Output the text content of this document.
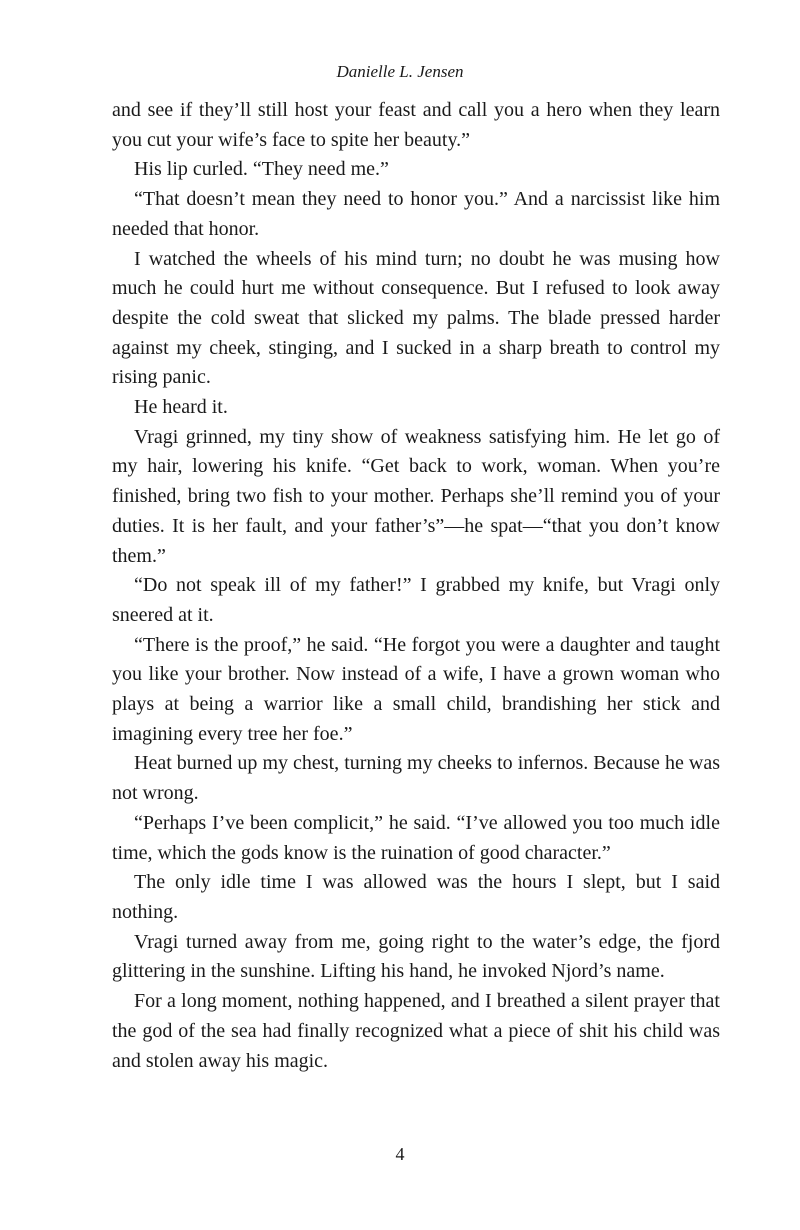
Danielle L. Jensen

and see if they’ll still host your feast and call you a hero when they learn you cut your wife’s face to spite her beauty.”

His lip curled. “They need me.”

“That doesn’t mean they need to honor you.” And a narcissist like him needed that honor.

I watched the wheels of his mind turn; no doubt he was musing how much he could hurt me without consequence. But I refused to look away despite the cold sweat that slicked my palms. The blade pressed harder against my cheek, stinging, and I sucked in a sharp breath to control my rising panic.

He heard it.

Vragi grinned, my tiny show of weakness satisfying him. He let go of my hair, lowering his knife. “Get back to work, woman. When you’re finished, bring two fish to your mother. Perhaps she’ll remind you of your duties. It is her fault, and your father’s”—he spat—“that you don’t know them.”

“Do not speak ill of my father!” I grabbed my knife, but Vragi only sneered at it.

“There is the proof,” he said. “He forgot you were a daughter and taught you like your brother. Now instead of a wife, I have a grown woman who plays at being a warrior like a small child, brandishing her stick and imagining every tree her foe.”

Heat burned up my chest, turning my cheeks to infernos. Because he was not wrong.

“Perhaps I’ve been complicit,” he said. “I’ve allowed you too much idle time, which the gods know is the ruination of good character.”

The only idle time I was allowed was the hours I slept, but I said nothing.

Vragi turned away from me, going right to the water’s edge, the fjord glittering in the sunshine. Lifting his hand, he invoked Njord’s name.

For a long moment, nothing happened, and I breathed a silent prayer that the god of the sea had finally recognized what a piece of shit his child was and stolen away his magic.

4
